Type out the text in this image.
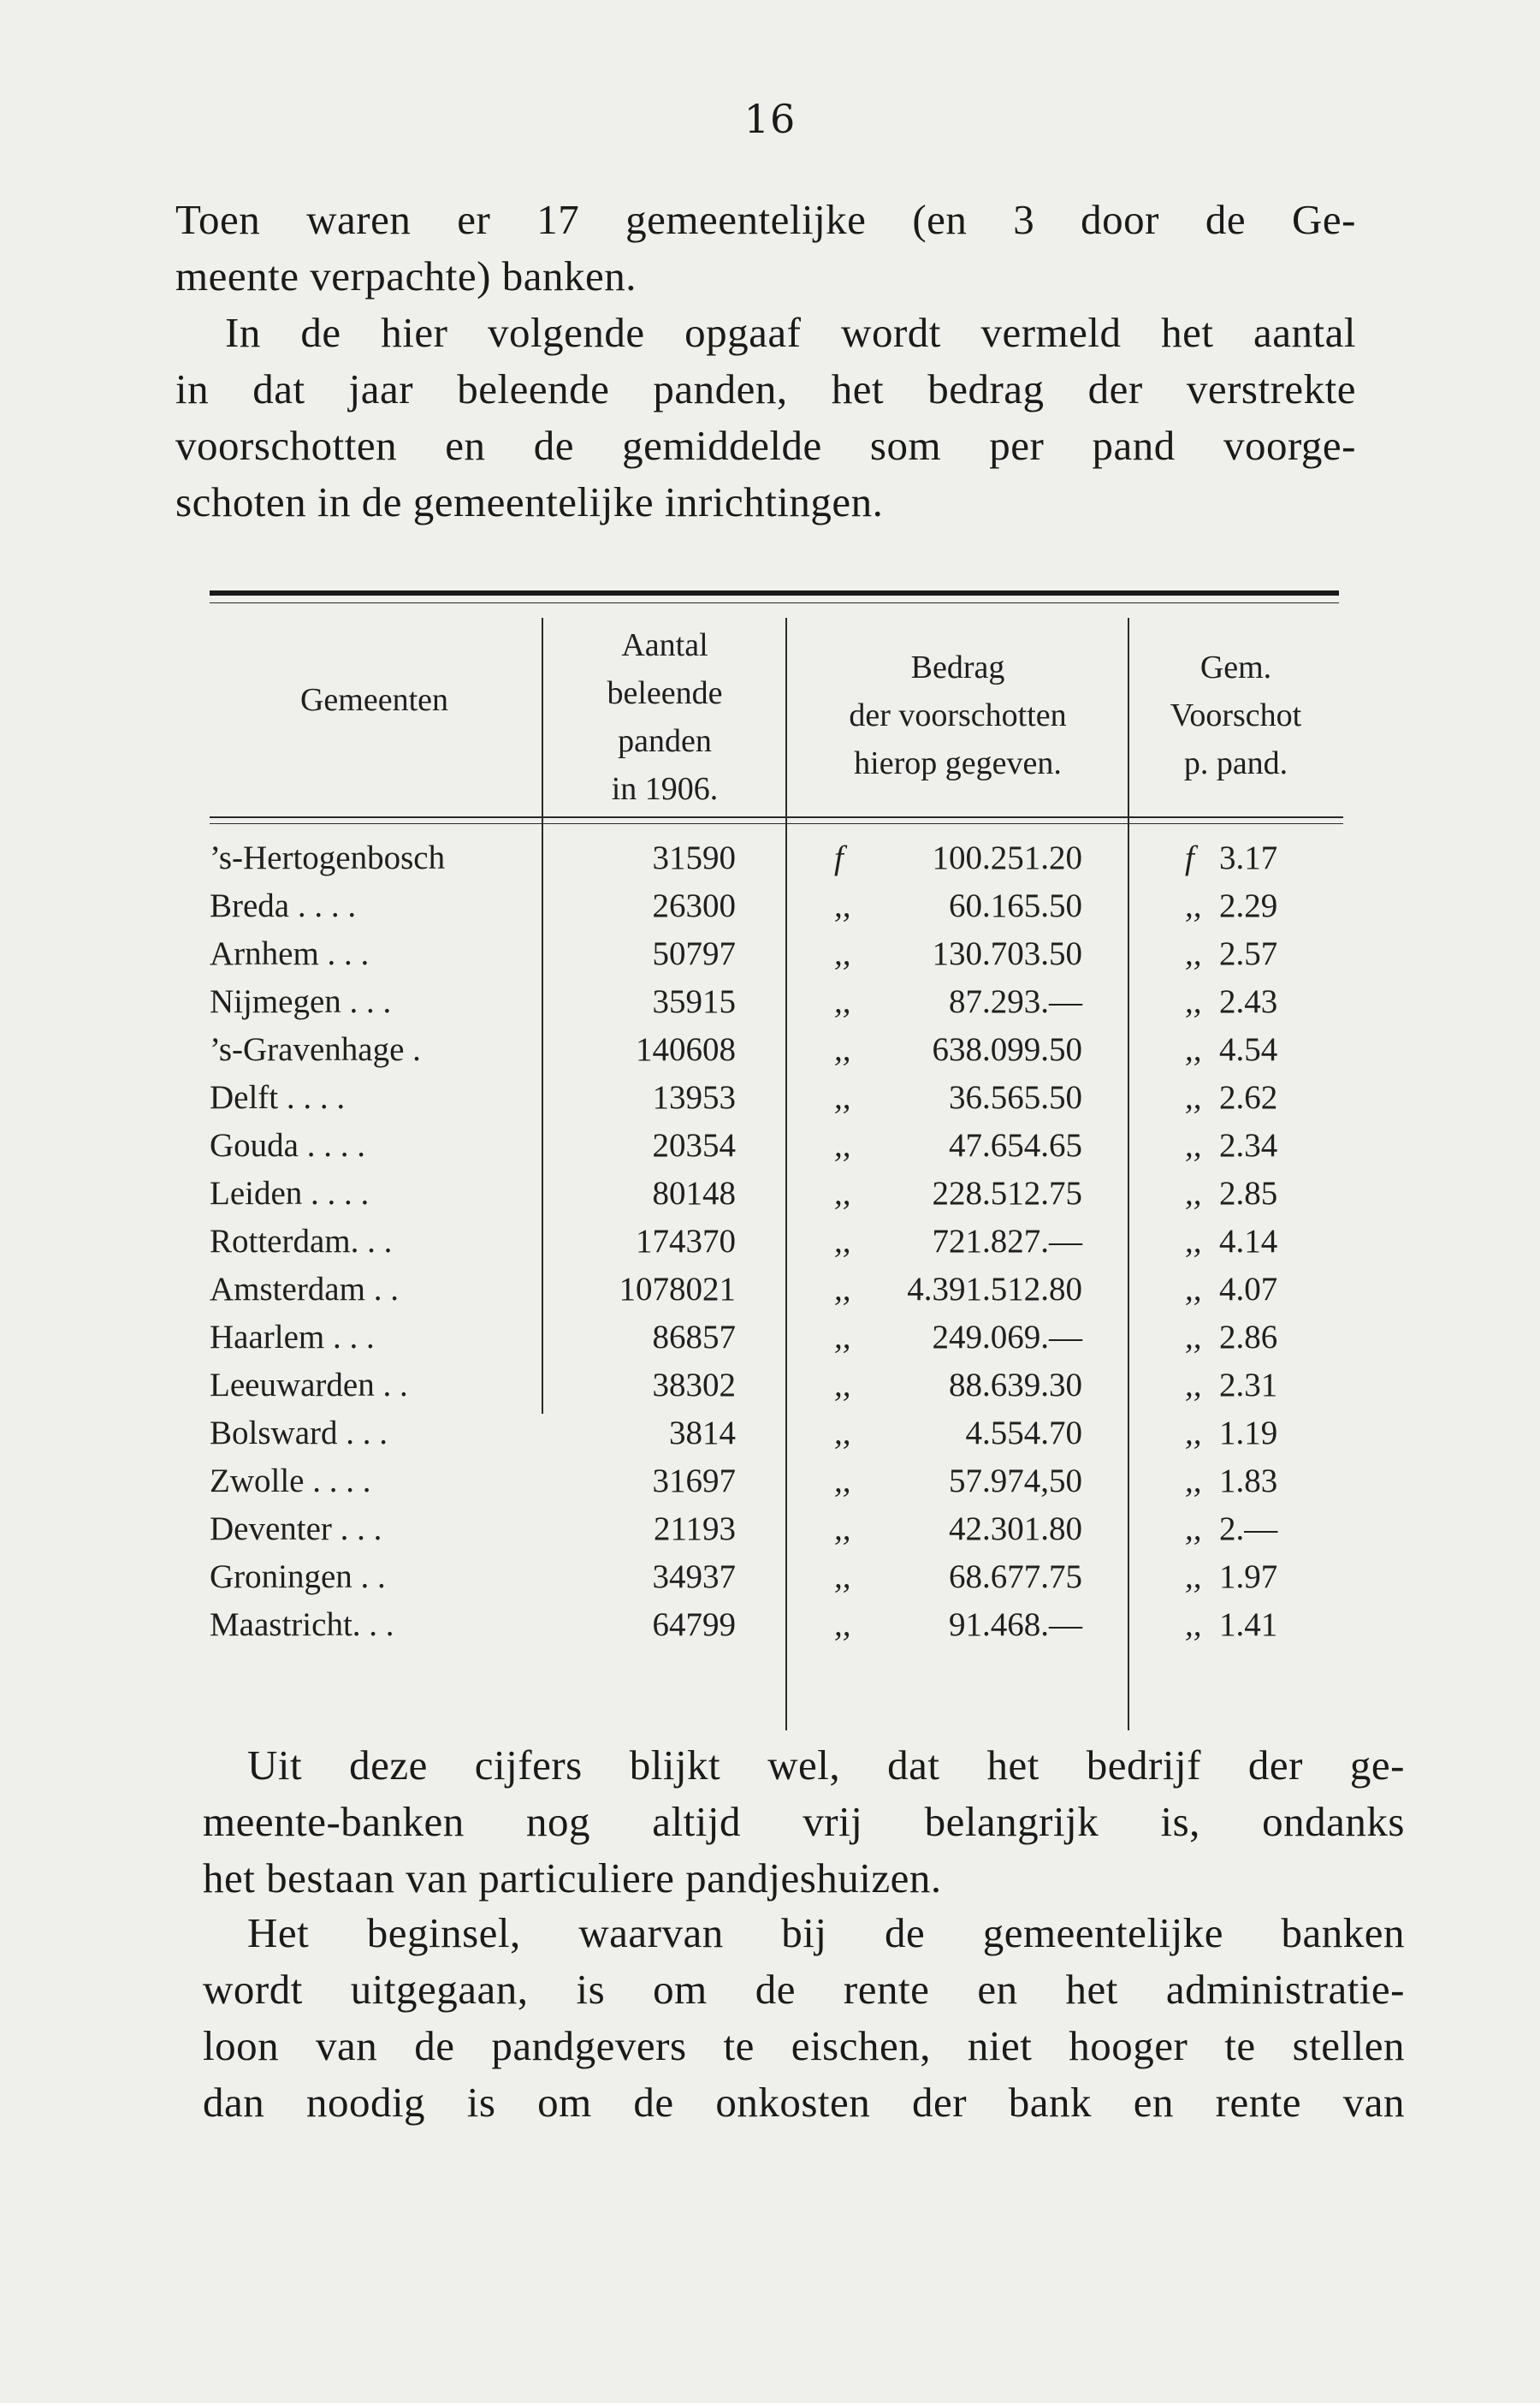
16
Toen waren er 17 gemeentelijke (en 3 door de Ge-
meente verpachte) banken.
In de hier volgende opgaaf wordt vermeld het aantal
in dat jaar beleende panden, het bedrag der verstrekte
voorschotten en de gemiddelde som per pand voorge-
schoten in de gemeentelijke inrichtingen.
Gemeenten
Aantal
beleende
panden
in 1906.
Bedrag
der voorschotten
hierop gegeven.
Gem.
Voorschot
p. pand.
’s-Hertogenbosch	31590	f	100.251.20	f 3.17
Breda . . . .	26300	,,	60.165.50	,, 2.29
Arnhem . . .	50797	,,	130.703.50	,, 2.57
Nijmegen . . .	35915	,,	87.293.—	,, 2.43
’s-Gravenhage .	140608	,,	638.099.50	,, 4.54
Delft . . . .	13953	,,	36.565.50	,, 2.62
Gouda . . . .	20354	,,	47.654.65	,, 2.34
Leiden . . . .	80148	,,	228.512.75	,, 2.85
Rotterdam. . .	174370	,,	721.827.—	,, 4.14
Amsterdam . .	1078021	,,	4.391.512.80	,, 4.07
Haarlem . . .	86857	,,	249.069.—	,, 2.86
Leeuwarden . .	38302	,,	88.639.30	,, 2.31
Bolsward . . .	3814	,,	4.554.70	,, 1.19
Zwolle . . . .	31697	,,	57.974,50	,, 1.83
Deventer . . .	21193	,,	42.301.80	,, 2.—
Groningen . .	34937	,,	68.677.75	,, 1.97
Maastricht. . .	64799	,,	91.468.—	,, 1.41
Uit deze cijfers blijkt wel, dat het bedrijf der ge-
meente-banken nog altijd vrij belangrijk is, ondanks
het bestaan van particuliere pandjeshuizen.
Het beginsel, waarvan bij de gemeentelijke banken
wordt uitgegaan, is om de rente en het administratie-
loon van de pandgevers te eischen, niet hooger te stellen
dan noodig is om de onkosten der bank en rente van
